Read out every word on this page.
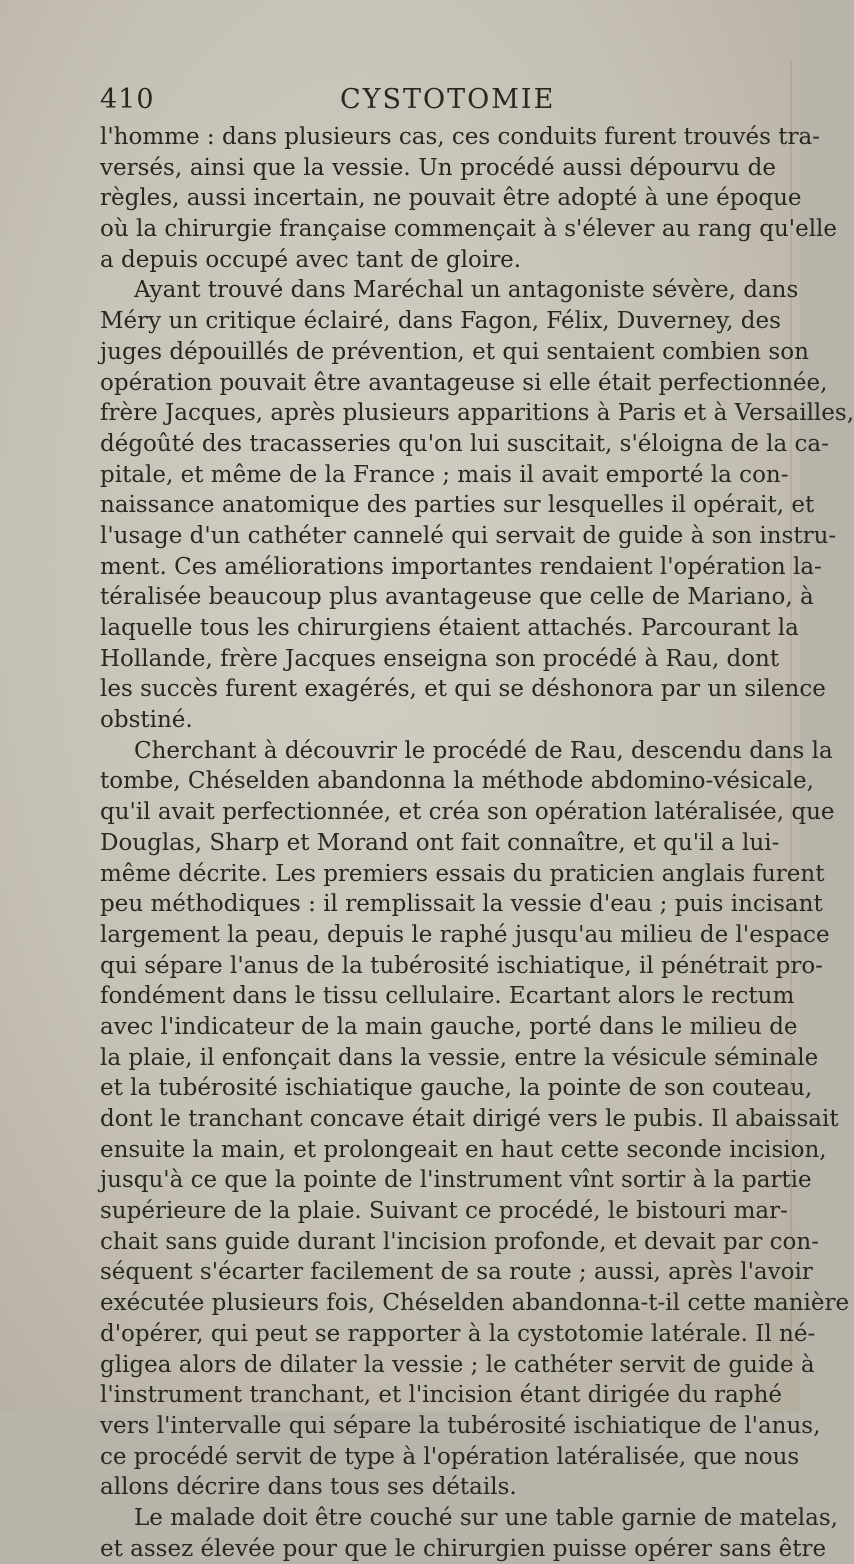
410	CYSTOTOMIE
l'homme : dans plusieurs cas, ces conduits furent trouvés tra-
versés, ainsi que la vessie. Un procédé aussi dépourvu de
règles, aussi incertain, ne pouvait être adopté à une époque
où la chirurgie française commençait à s'élever au rang qu'elle
a depuis occupé avec tant de gloire.
Ayant trouvé dans Maréchal un antagoniste sévère, dans
Méry un critique éclairé, dans Fagon, Félix, Duverney, des
juges dépouillés de prévention, et qui sentaient combien son
opération pouvait être avantageuse si elle était perfectionnée,
frère Jacques, après plusieurs apparitions à Paris et à Versailles,
dégoûté des tracasseries qu'on lui suscitait, s'éloigna de la ca-
pitale, et même de la France ; mais il avait emporté la con-
naissance anatomique des parties sur lesquelles il opérait, et
l'usage d'un cathéter cannelé qui servait de guide à son instru-
ment. Ces améliorations importantes rendaient l'opération la-
téralisée beaucoup plus avantageuse que celle de Mariano, à
laquelle tous les chirurgiens étaient attachés. Parcourant la
Hollande, frère Jacques enseigna son procédé à Rau, dont
les succès furent exagérés, et qui se déshonora par un silence
obstiné.
Cherchant à découvrir le procédé de Rau, descendu dans la
tombe, Chéselden abandonna la méthode abdomino-vésicale,
qu'il avait perfectionnée, et créa son opération latéralisée, que
Douglas, Sharp et Morand ont fait connaître, et qu'il a lui-
même décrite. Les premiers essais du praticien anglais furent
peu méthodiques : il remplissait la vessie d'eau ; puis incisant
largement la peau, depuis le raphé jusqu'au milieu de l'espace
qui sépare l'anus de la tubérosité ischiatique, il pénétrait pro-
fondément dans le tissu cellulaire. Ecartant alors le rectum
avec l'indicateur de la main gauche, porté dans le milieu de
la plaie, il enfonçait dans la vessie, entre la vésicule séminale
et la tubérosité ischiatique gauche, la pointe de son couteau,
dont le tranchant concave était dirigé vers le pubis. Il abaissait
ensuite la main, et prolongeait en haut cette seconde incision,
jusqu'à ce que la pointe de l'instrument vînt sortir à la partie
supérieure de la plaie. Suivant ce procédé, le bistouri mar-
chait sans guide durant l'incision profonde, et devait par con-
séquent s'écarter facilement de sa route ; aussi, après l'avoir
exécutée plusieurs fois, Chéselden abandonna-t-il cette manière
d'opérer, qui peut se rapporter à la cystotomie latérale. Il né-
gligea alors de dilater la vessie ; le cathéter servit de guide à
l'instrument tranchant, et l'incision étant dirigée du raphé
vers l'intervalle qui sépare la tubérosité ischiatique de l'anus,
ce procédé servit de type à l'opération latéralisée, que nous
allons décrire dans tous ses détails.
Le malade doit être couché sur une table garnie de matelas,
et assez élevée pour que le chirurgien puisse opérer sans être
